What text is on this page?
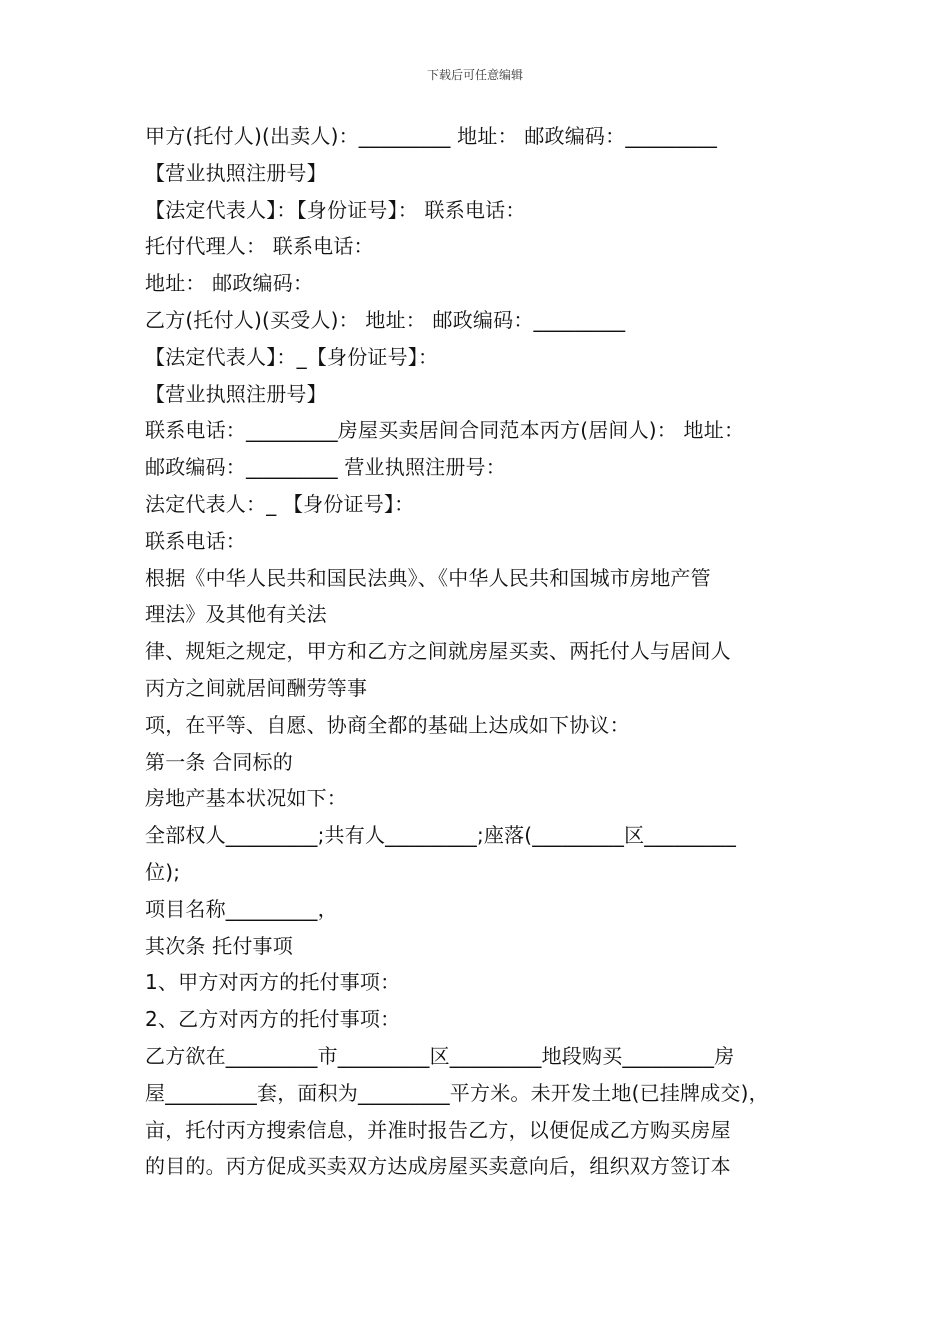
下载后可任意编辑
甲方(托付人)(出卖人)：_________ 地址： 邮政编码：_________
【营业执照注册号】
【法定代表人】：【身份证号】： 联系电话：
托付代理人： 联系电话：
地址： 邮政编码：
乙方(托付人)(买受人)： 地址： 邮政编码：_________
【法定代表人】：_【身份证号】：
【营业执照注册号】
联系电话：_________房屋买卖居间合同范本丙方(居间人)： 地址：
邮政编码：_________ 营业执照注册号：
法定代表人：_ 【身份证号】：
联系电话：
根据《中华人民共和国民法典》、《中华人民共和国城市房地产管
理法》及其他有关法
律、规矩之规定，甲方和乙方之间就房屋买卖、两托付人与居间人
丙方之间就居间酬劳等事
项，在平等、自愿、协商全都的基础上达成如下协议：
第一条 合同标的
房地产基本状况如下：
全部权人_________;共有人_________;座落(_________区_________
位);
项目名称_________，
其次条 托付事项
1、甲方对丙方的托付事项：
2、乙方对丙方的托付事项：
乙方欲在_________市_________区_________地段购买_________房
屋_________套，面积为_________平方米。未开发土地(已挂牌成交)，
亩，托付丙方搜索信息，并准时报告乙方，以便促成乙方购买房屋
的目的。丙方促成买卖双方达成房屋买卖意向后，组织双方签订本
